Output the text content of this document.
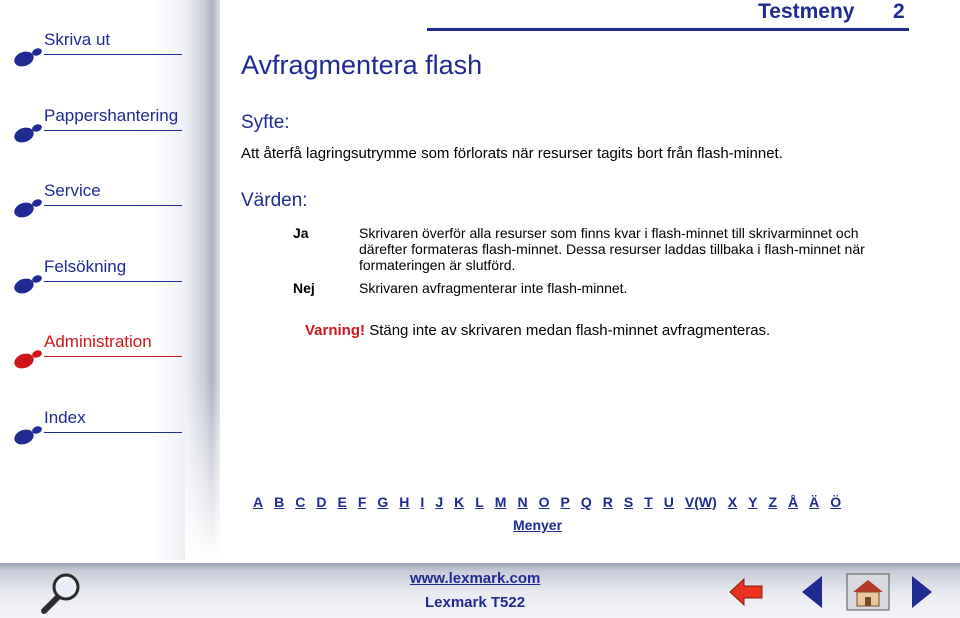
Skriva ut
Pappershantering
Service
Felsökning
Administration
Index
Testmeny 2
Avfragmentera flash
Syfte:
Att återfå lagringsutrymme som förlorats när resurser tagits bort från flash-minnet.
Värden:
Ja	Skrivaren överför alla resurser som finns kvar i flash-minnet till skrivarminnet och därefter formateras flash-minnet. Dessa resurser laddas tillbaka i flash-minnet när formateringen är slutförd.
Nej	Skrivaren avfragmenterar inte flash-minnet.
Varning! Stäng inte av skrivaren medan flash-minnet avfragmenteras.
A B C D E F G H I J K L M N O P Q R S T U V(W) X Y Z Å Ä Ö
Menyer
www.lexmark.com
Lexmark T522
